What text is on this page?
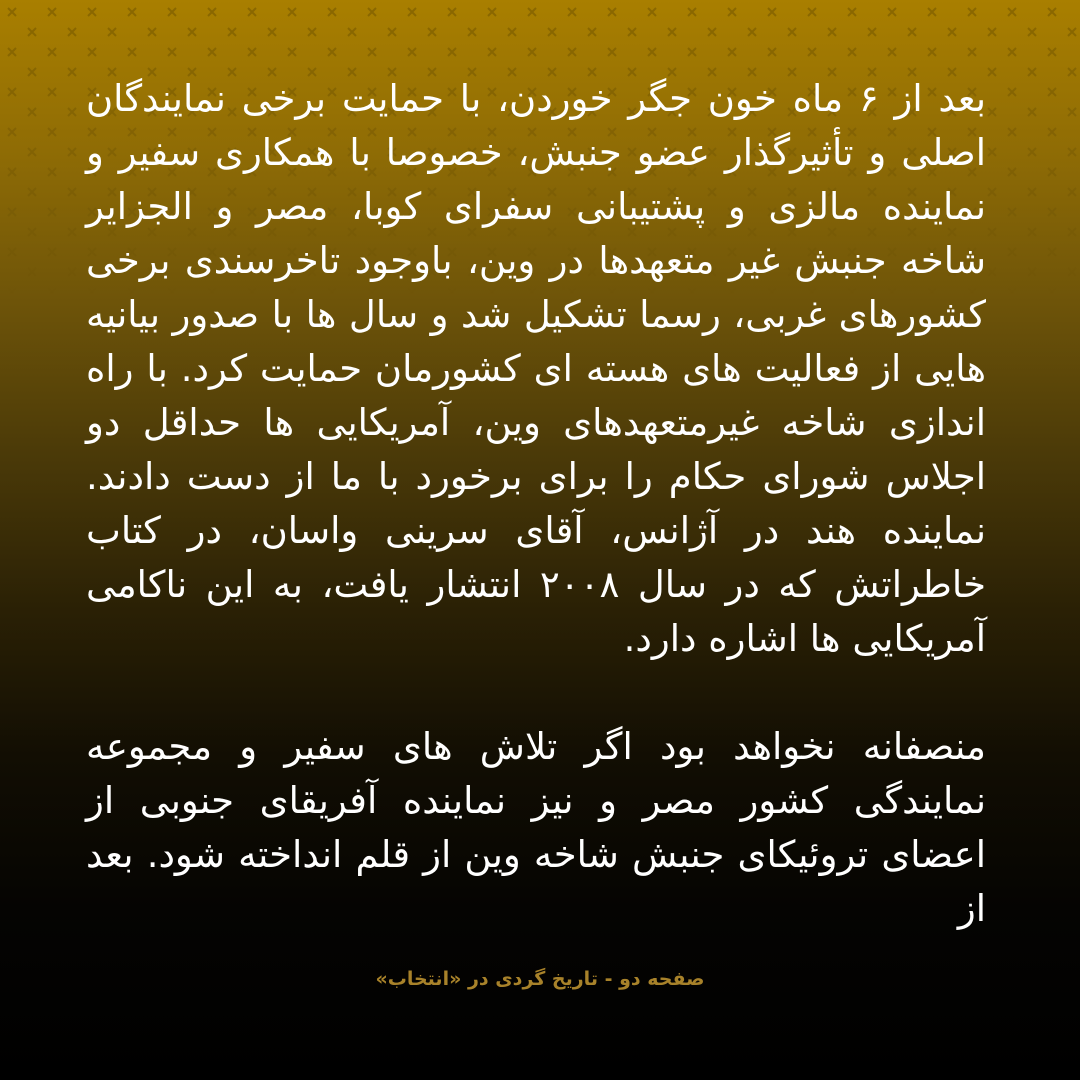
بعد از ۶ ماه خون جگر خوردن، با حمایت برخی نمایندگان اصلی و تأثیرگذار عضو جنبش، خصوصا با همکاری سفیر و نماینده مالزی و پشتیبانی سفرای کوبا، مصر و الجزایر شاخه جنبش غیر متعهدها در وین، باوجود تاخرسندی برخی کشورهای غربی، رسما تشکیل شد و سال ها با صدور بیانیه هایی از فعالیت های هسته ای کشورمان حمایت کرد. با راه اندازی شاخه غیرمتعهدهای وین، آمریکایی ها حداقل دو اجلاس شورای حکام را برای برخورد با ما از دست دادند. نماینده هند در آژانس، آقای سرینی واسان، در کتاب خاطراتش که در سال ۲۰۰۸ انتشار یافت، به این ناکامی آمریکایی ها اشاره دارد.

منصفانه نخواهد بود اگر تلاش های سفیر و مجموعه نمایندگی کشور مصر و نیز نماینده آفریقای جنوبی از اعضای تروئیکای جنبش شاخه وین از قلم انداخته شود. بعد از

صفحه دو - تاریخ گردی در «انتخاب»
